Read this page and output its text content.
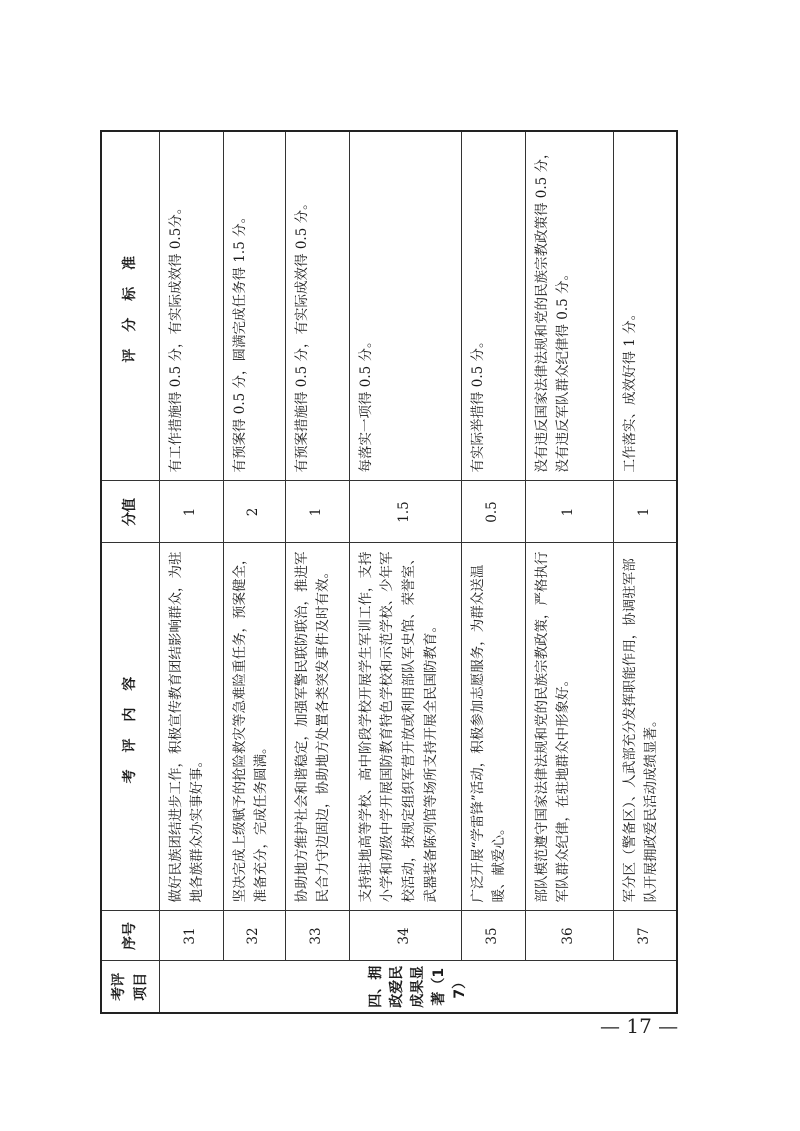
考评项目	序号	考 评 内 容	分值	评 分 标 准
四、拥政爱民成果显著（17）	31	做好民族团结进步工作，积极宣传教育团结影响群众，为驻地各族群众办实事好事。	1	有工作措施得 0.5 分，有实际成效得 0.5分。
	32	坚决完成上级赋予的抢险救灾等急难险重任务，预案健全，准备充分，完成任务圆满。	2	有预案得 0.5 分，圆满完成任务得 1.5 分。
	33	协助地方维护社会和谐稳定，加强军警民联防联治，推进军民合力守边固边，协助地方处置各类突发事件及时有效。	1	有预案措施得 0.5 分，有实际成效得 0.5 分。
	34	支持驻地高等学校、高中阶段学校开展学生军训工作，支持小学和初级中学开展国防教育特色学校和示范学校、少年军校活动，按规定组织军营开放或利用部队军史馆、荣誉室、武器装备陈列馆等场所支持开展全民国防教育。	1.5	每落实一项得 0.5 分。
	35	广泛开展“学雷锋”活动，积极参加志愿服务，为群众送温暖、献爱心。	0.5	有实际举措得 0.5 分。
	36	部队模范遵守国家法律法规和党的民族宗教政策，严格执行军队群众纪律，在驻地群众中形象好。	1	没有违反国家法律法规和党的民族宗教政策得 0.5 分，没有违反军队群众纪律得 0.5 分。
	37	军分区（警备区）、人武部充分发挥职能作用，协调驻军部队开展拥政爱民活动成绩显著。	1	工作落实、成效好得 1 分。
— 17 —
